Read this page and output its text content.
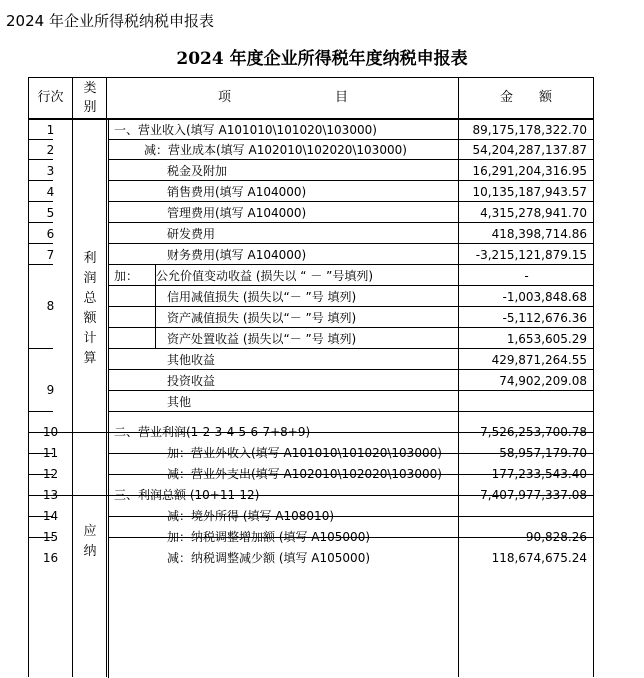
2024 年企业所得税纳税申报表
2024 年度企业所得税年度纳税申报表
行次
类 别
项　　　　　　　　目	金　　额
利润总额计算
应纳
1	一、营业收入(填写 A101010\101020\103000)	89,175,178,322.70
2	减：营业成本(填写 A102010\102020\103000)	54,204,287,137.87
3	税金及附加	16,291,204,316.95
4	销售费用(填写 A104000)	10,135,187,943.57
5	管理费用(填写 A104000)	4,315,278,941.70
6	研发费用	418,398,714.86
7	财务费用(填写 A104000)	-3,215,121,879.15
8
加：　　公允价值变动收益 (损失以 “ － ”号填列)	-
信用减值损失 (损失以“－ ”号 填列)	-1,003,848.68
资产减值损失 (损失以“－ ”号 填列)	-5,112,676.36
资产处置收益 (损失以“－ ”号 填列)	1,653,605.29
9
其他收益	429,871,264.55
投资收益	74,902,209.08
其他
10	二、营业利润(1-2-3-4-5-6-7+8+9)	7,526,253,700.78
11	加：营业外收入(填写 A101010\101020\103000)	58,957,179.70
12	减：营业外支出(填写 A102010\102020\103000)	177,233,543.40
13	三、利润总额 (10+11-12)	7,407,977,337.08
14	减：境外所得 (填写 A108010)
15	加：纳税调整增加额 (填写 A105000)	90,828.26
16	减：纳税调整减少额 (填写 A105000)	118,674,675.24
